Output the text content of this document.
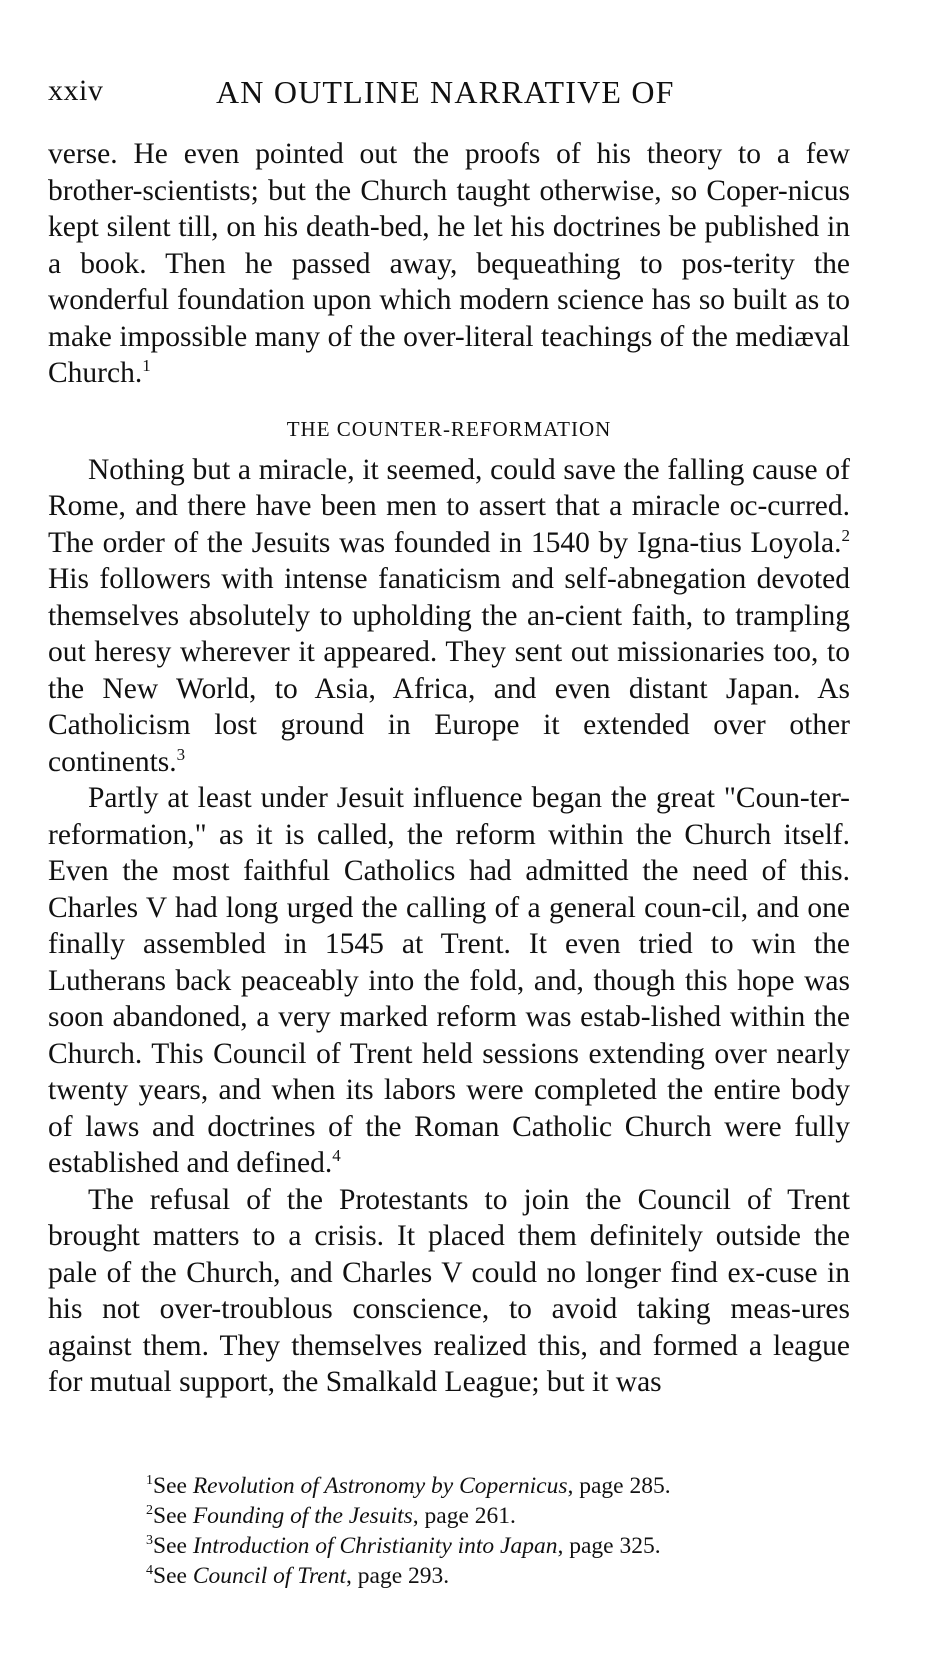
xxiv	AN OUTLINE NARRATIVE OF

verse. He even pointed out the proofs of his theory to a few brother-scientists; but the Church taught otherwise, so Coper-nicus kept silent till, on his death-bed, he let his doctrines be published in a book. Then he passed away, bequeathing to pos-terity the wonderful foundation upon which modern science has so built as to make impossible many of the over-literal teachings of the mediæval Church.$^1$

THE COUNTER-REFORMATION

Nothing but a miracle, it seemed, could save the falling cause of Rome, and there have been men to assert that a miracle oc-curred. The order of the Jesuits was founded in 1540 by Igna-tius Loyola.$^2$ His followers with intense fanaticism and self-abnegation devoted themselves absolutely to upholding the an-cient faith, to trampling out heresy wherever it appeared. They sent out missionaries too, to the New World, to Asia, Africa, and even distant Japan. As Catholicism lost ground in Europe it extended over other continents.$^3$

Partly at least under Jesuit influence began the great "Coun-ter-reformation," as it is called, the reform within the Church itself. Even the most faithful Catholics had admitted the need of this. Charles V had long urged the calling of a general coun-cil, and one finally assembled in 1545 at Trent. It even tried to win the Lutherans back peaceably into the fold, and, though this hope was soon abandoned, a very marked reform was estab-lished within the Church. This Council of Trent held sessions extending over nearly twenty years, and when its labors were completed the entire body of laws and doctrines of the Roman Catholic Church were fully established and defined.$^4$

The refusal of the Protestants to join the Council of Trent brought matters to a crisis. It placed them definitely outside the pale of the Church, and Charles V could no longer find ex-cuse in his not over-troublous conscience, to avoid taking meas-ures against them. They themselves realized this, and formed a league for mutual support, the Smalkald League; but it was

$^1$See Revolution of Astronomy by Copernicus, page 285.
$^2$See Founding of the Jesuits, page 261.
$^3$See Introduction of Christianity into Japan, page 325.
$^4$See Council of Trent, page 293.
